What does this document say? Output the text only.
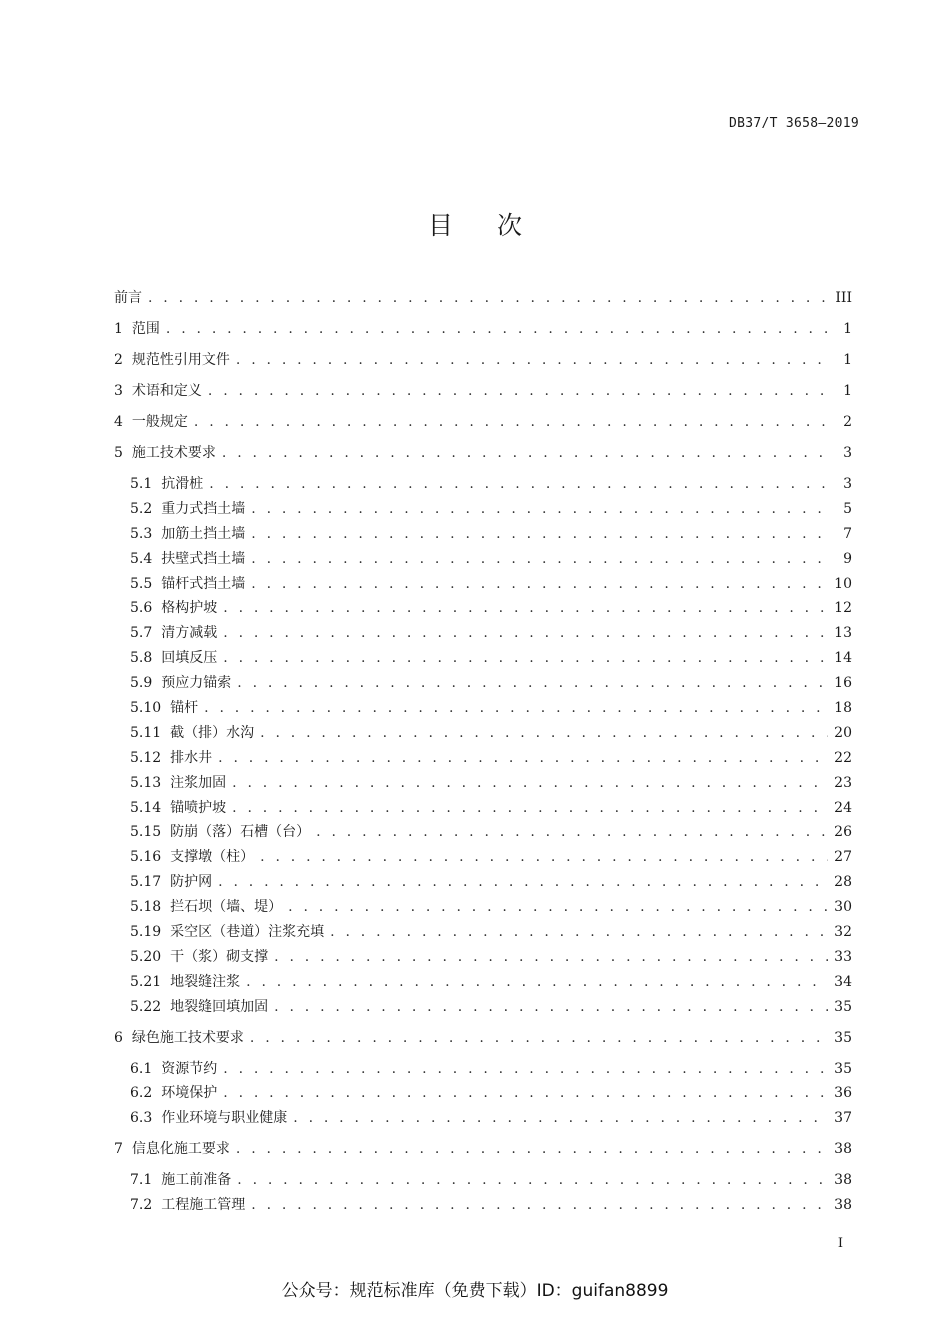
DB37/T 3658—2019
目 次
前言 . . .	III
1 范围 . . .	1
2 规范性引用文件 . . .	1
3 术语和定义 . . .	1
4 一般规定 . . .	2
5 施工技术要求 . . .	3
5.1 抗滑桩 . . .	3
5.2 重力式挡土墙 . . .	5
5.3 加筋土挡土墙 . . .	7
5.4 扶壁式挡土墙 . . .	9
5.5 锚杆式挡土墙 . . .	10
5.6 格构护坡 . . .	12
5.7 清方减载 . . .	13
5.8 回填反压 . . .	14
5.9 预应力锚索 . . .	16
5.10 锚杆 . . .	18
5.11 截（排）水沟 . . .	20
5.12 排水井 . . .	22
5.13 注浆加固 . . .	23
5.14 锚喷护坡 . . .	24
5.15 防崩（落）石槽（台） . . .	26
5.16 支撑墩（柱） . . .	27
5.17 防护网 . . .	28
5.18 拦石坝（墙、堤） . . .	30
5.19 采空区（巷道）注浆充填 . . .	32
5.20 干（浆）砌支撑 . . .	33
5.21 地裂缝注浆 . . .	34
5.22 地裂缝回填加固 . . .	35
6 绿色施工技术要求 . . .	35
6.1 资源节约 . . .	35
6.2 环境保护 . . .	36
6.3 作业环境与职业健康 . . .	37
7 信息化施工要求 . . .	38
7.1 施工前准备 . . .	38
7.2 工程施工管理 . . .	38
I
公众号：规范标准库（免费下载）ID：guifan8899
